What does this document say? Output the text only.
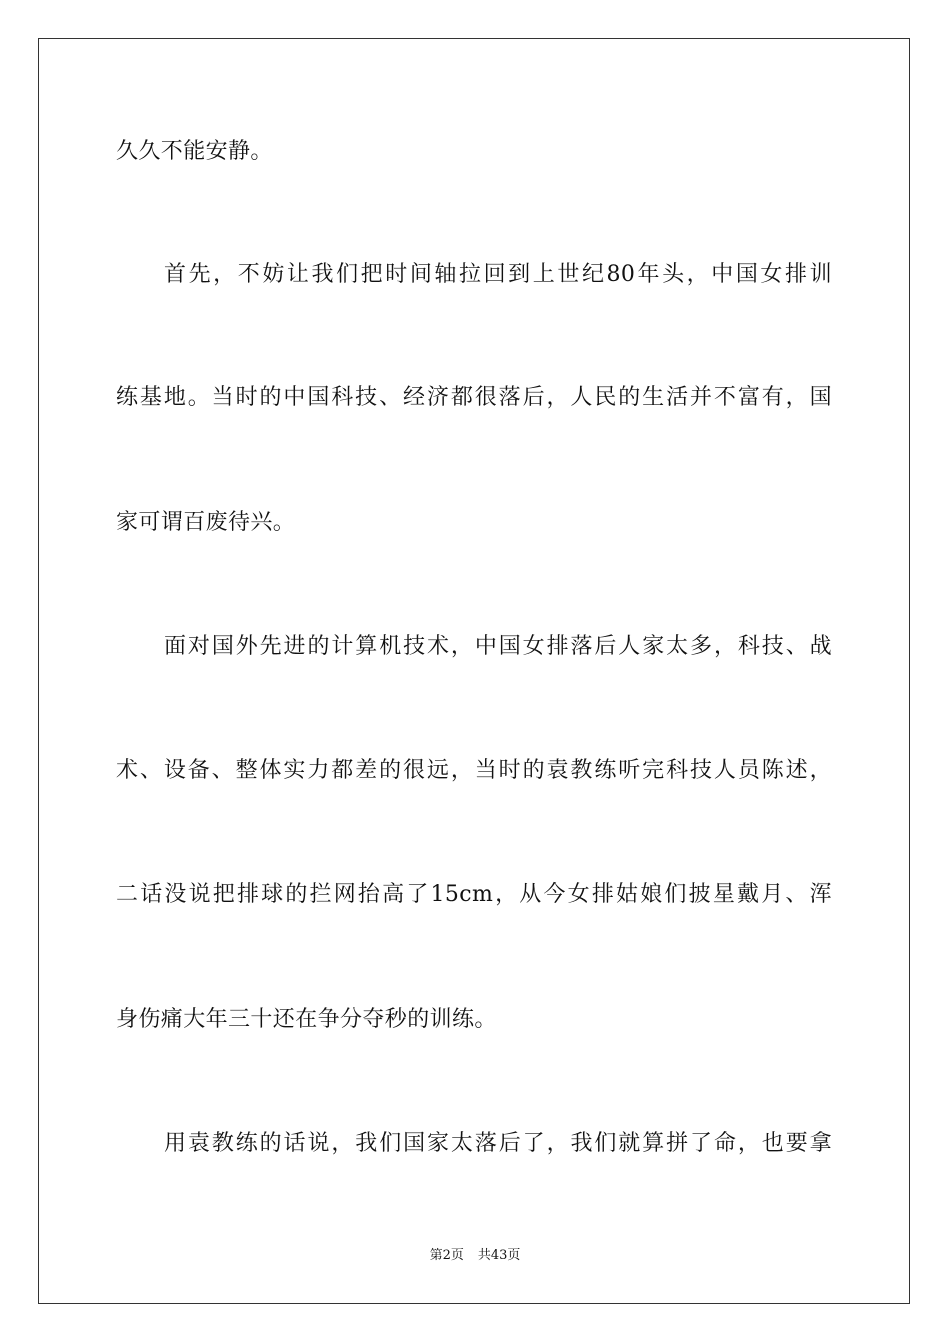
久久不能安静。
首先，不妨让我们把时间轴拉回到上世纪80年头，中国女排训
练基地。当时的中国科技、经济都很落后，人民的生活并不富有，国
家可谓百废待兴。
面对国外先进的计算机技术，中国女排落后人家太多，科技、战
术、设备、整体实力都差的很远，当时的袁教练听完科技人员陈述，
二话没说把排球的拦网抬高了15cm，从今女排姑娘们披星戴月、浑
身伤痛大年三十还在争分夺秒的训练。
用袁教练的话说，我们国家太落后了，我们就算拼了命，也要拿
第2页 共43页
